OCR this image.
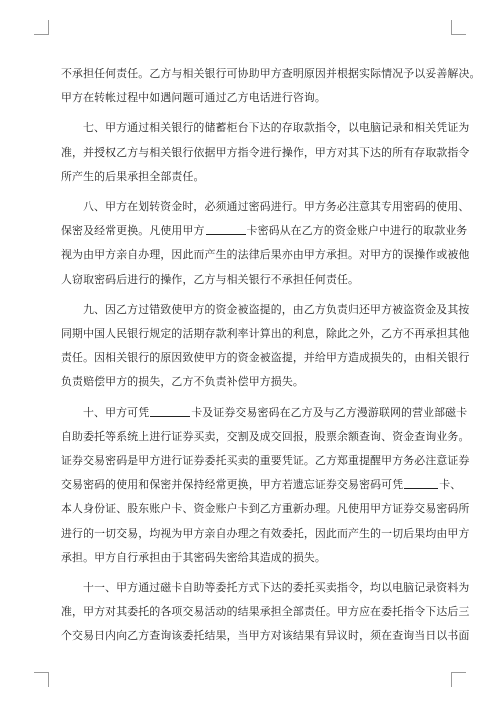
不承担任何责任。乙方与相关银行可协助甲方查明原因并根据实际情况予以妥善解决。
甲方在转帐过程中如遇问题可通过乙方电话进行咨询。

七、甲方通过相关银行的储蓄柜台下达的存取款指令，以电脑记录和相关凭证为
准，并授权乙方与相关银行依据甲方指令进行操作，甲方对其下达的所有存取款指令
所产生的后果承担全部责任。

八、甲方在划转资金时，必须通过密码进行。甲方务必注意其专用密码的使用、
保密及经常更换。凡使用甲方	卡密码从在乙方的资金账户中进行的取款业务
视为由甲方亲自办理，因此而产生的法律后果亦由甲方承担。对甲方的误操作或被他
人窃取密码后进行的操作，乙方与相关银行不承担任何责任。

九、因乙方过错致使甲方的资金被盗提的，由乙方负责归还甲方被盗资金及其按
同期中国人民银行规定的活期存款利率计算出的利息，除此之外，乙方不再承担其他
责任。因相关银行的原因致使甲方的资金被盗提，并给甲方造成损失的，由相关银行
负责赔偿甲方的损失，乙方不负责补偿甲方损失。

十、甲方可凭	卡及证券交易密码在乙方及与乙方漫游联网的营业部磁卡
自助委托等系统上进行证券买卖，交割及成交回报，股票余额查询、资金查询业务。
证券交易密码是甲方进行证券委托买卖的重要凭证。乙方郑重提醒甲方务必注意证券
交易密码的使用和保密并保持经常更换，甲方若遗忘证券交易密码可凭	卡、
本人身份证、股东账户卡、资金账户卡到乙方重新办理。凡使用甲方证券交易密码所
进行的一切交易，均视为甲方亲自办理之有效委托，因此而产生的一切后果均由甲方
承担。甲方自行承担由于其密码失密给其造成的损失。

十一、甲方通过磁卡自助等委托方式下达的委托买卖指令，均以电脑记录资料为
准，甲方对其委托的各项交易活动的结果承担全部责任。甲方应在委托指令下达后三
个交易日内向乙方查询该委托结果，当甲方对该结果有异议时，须在查询当日以书面
